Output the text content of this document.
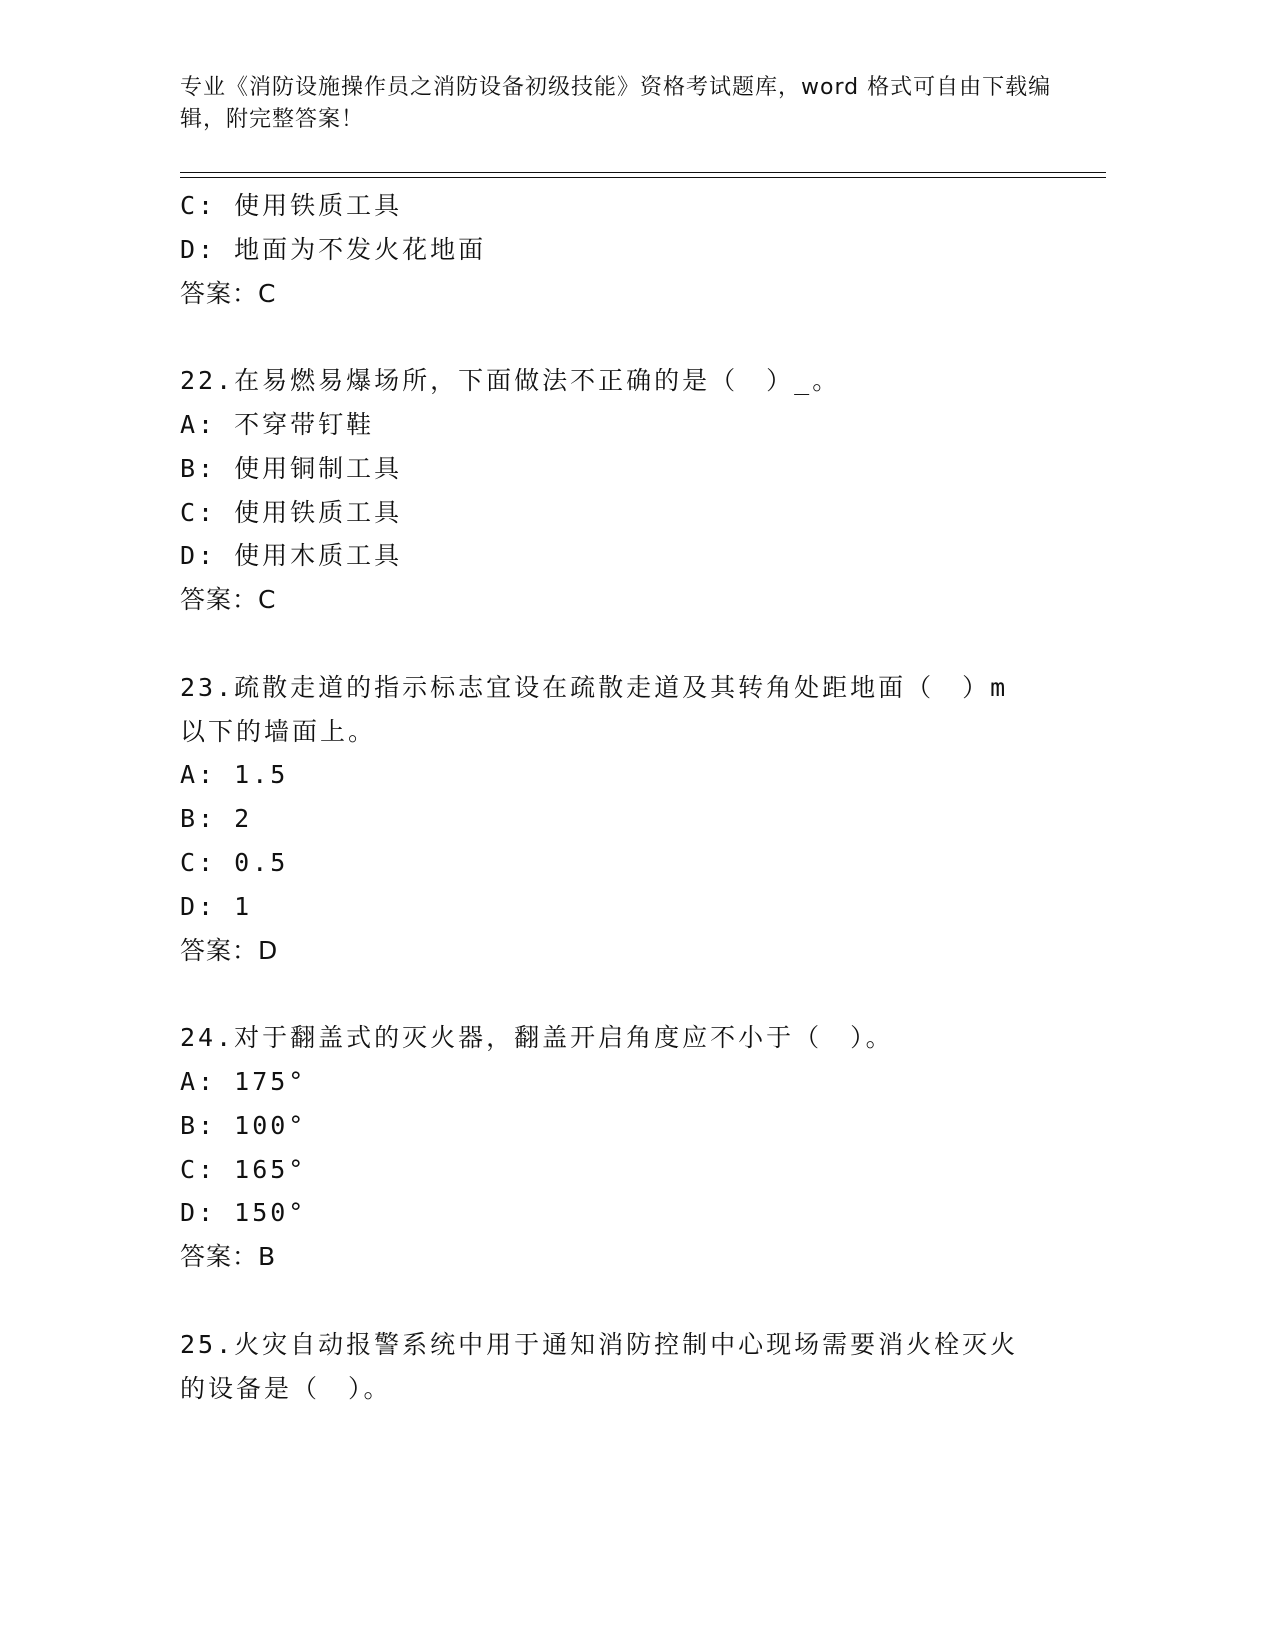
专业《消防设施操作员之消防设备初级技能》资格考试题库，word 格式可自由下载编辑，附完整答案！
C: 使用铁质工具
D: 地面为不发火花地面
答案：C
22.在易燃易爆场所，下面做法不正确的是（　）_。
A: 不穿带钉鞋
B: 使用铜制工具
C: 使用铁质工具
D: 使用木质工具
答案：C
23.疏散走道的指示标志宜设在疏散走道及其转角处距地面（　）m 以下的墙面上。
A: 1.5
B: 2
C: 0.5
D: 1
答案：D
24.对于翻盖式的灭火器，翻盖开启角度应不小于（　）。
A: 175°
B: 100°
C: 165°
D: 150°
答案：B
25.火灾自动报警系统中用于通知消防控制中心现场需要消火栓灭火的设备是（　）。
